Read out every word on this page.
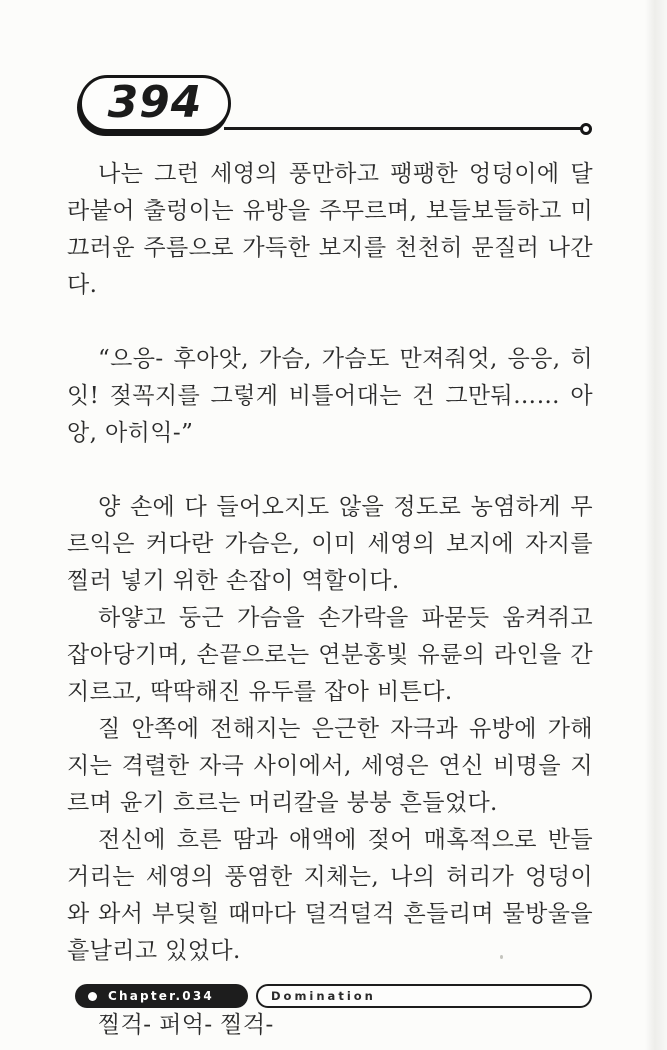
394

나는 그런 세영의 풍만하고 팽팽한 엉덩이에 달라붙어 출렁이는 유방을 주무르며, 보들보들하고 미끄러운 주름으로 가득한 보지를 천천히 문질러 나간다.

“으응- 후아앗, 가슴, 가슴도 만져줘엇, 응응, 히잇! 젖꼭지를 그렇게 비틀어대는 건 그만둬…… 아앙, 아히익-”

양 손에 다 들어오지도 않을 정도로 농염하게 무르익은 커다란 가슴은, 이미 세영의 보지에 자지를 찔러 넣기 위한 손잡이 역할이다.

하얗고 둥근 가슴을 손가락을 파묻듯 움켜쥐고 잡아당기며, 손끝으로는 연분홍빛 유륜의 라인을 간지르고, 딱딱해진 유두를 잡아 비튼다.

질 안쪽에 전해지는 은근한 자극과 유방에 가해지는 격렬한 자극 사이에서, 세영은 연신 비명을 지르며 윤기 흐르는 머리칼을 붕붕 흔들었다.

전신에 흐른 땀과 애액에 젖어 매혹적으로 반들거리는 세영의 풍염한 지체는, 나의 허리가 엉덩이와 와서 부딪힐 때마다 덜걱덜걱 흔들리며 물방울을 흩날리고 있었다.

찔걱- 퍼억- 찔걱-

Chapter.034	Domination
